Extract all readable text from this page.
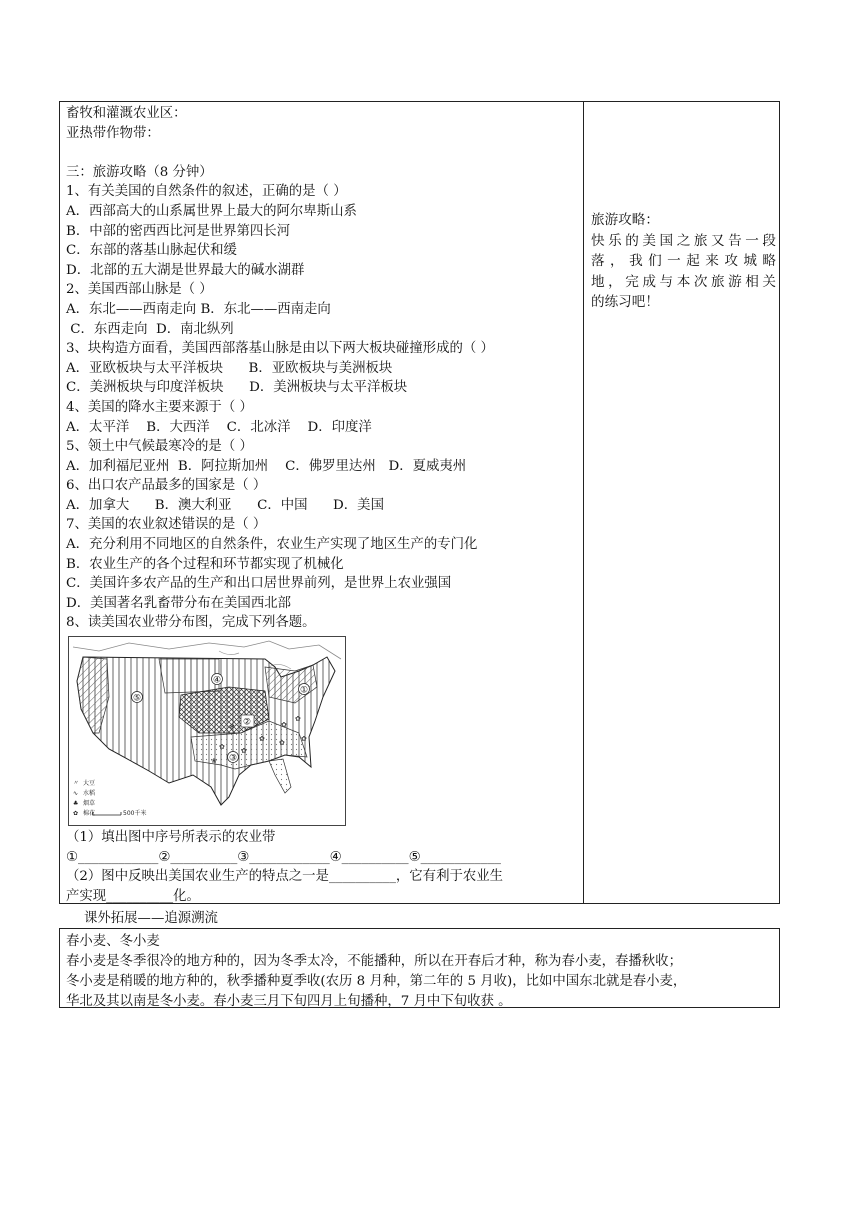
畜牧和灌溉农业区：
亚热带作物带：
三：旅游攻略（8 分钟）
1、有关美国的自然条件的叙述，正确的是（ ）
A．西部高大的山系属世界上最大的阿尔卑斯山系
B．中部的密西西比河是世界第四长河
C．东部的落基山脉起伏和缓
D．北部的五大湖是世界最大的碱水湖群
2、美国西部山脉是（ ）
A．东北——西南走向 B．东北——西南走向
C．东西走向  D．南北纵列
3、块构造方面看，美国西部落基山脉是由以下两大板块碰撞形成的（ ）
A．亚欧板块与太平洋板块      B．亚欧板块与美洲板块
C．美洲板块与印度洋板块      D．美洲板块与太平洋板块
4、美国的降水主要来源于（ ）
A．太平洋    B．大西洋    C．北冰洋    D．印度洋
5、领土中气候最寒冷的是（ ）
A．加利福尼亚州  B．阿拉斯加州    C．佛罗里达州   D．夏威夷州
6、出口农产品最多的国家是（ ）
A．加拿大      B．澳大利亚      C．中国      D．美国
7、美国的农业叙述错误的是（ ）
A．充分利用不同地区的自然条件，农业生产实现了地区生产的专门化
B．农业生产的各个过程和环节都实现了机械化
C．美国许多农产品的生产和出口居世界前列，是世界上农业强国
D．美国著名乳畜带分布在美国西北部
8、读美国农业带分布图，完成下列各题。
✿ ✿
✿
✿
✿
✿
✿
❀
✻
①
②
③
④
⑤
〃 大豆
∿ 水稻
♣ 烟草
✿ 棉花	500千米
（1）填出图中序号所表示的农业带
①____________②__________③____________④__________⑤____________
（2）图中反映出美国农业生产的特点之一是__________，它有利于农业生
产实现__________化。
旅游攻略：
快乐的美国之旅又告一段
落，我们一起来攻城略
地，完成与本次旅游相关
的练习吧！
课外拓展——追源溯流
春小麦、冬小麦
春小麦是冬季很冷的地方种的，因为冬季太冷，不能播种，所以在开春后才种，称为春小麦，春播秋收；
冬小麦是稍暖的地方种的，秋季播种夏季收(农历 8 月种，第二年的 5 月收)，比如中国东北就是春小麦，
华北及其以南是冬小麦。春小麦三月下旬四月上旬播种，7 月中下旬收获 。
